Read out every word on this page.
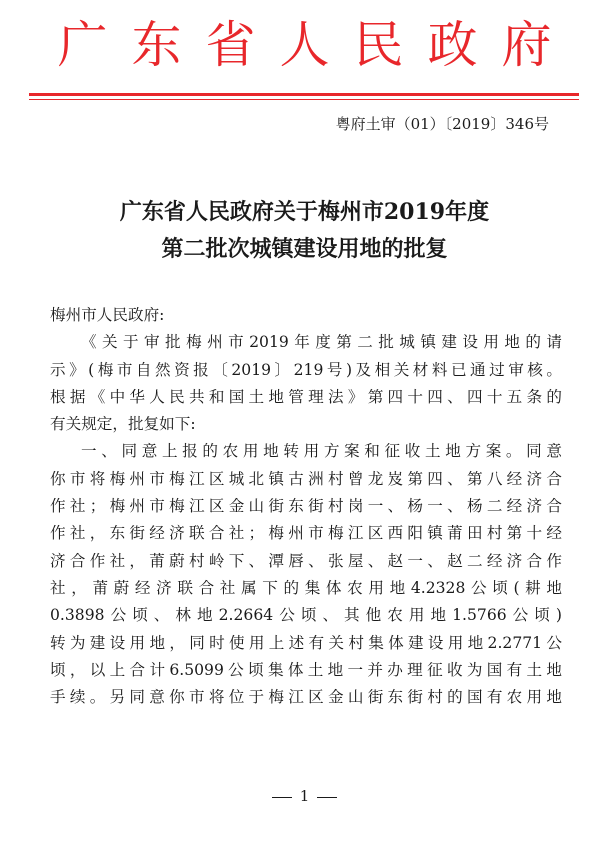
广东省人民政府
粤府土审（01）〔2019〕346号
广东省人民政府关于梅州市2019年度
第二批次城镇建设用地的批复
梅州市人民政府:
《关于审批梅州市2019年度第二批城镇建设用地的请
示》(梅市自然资报〔2019〕219号)及相关材料已通过审核。
根据《中华人民共和国土地管理法》第四十四、四十五条的
有关规定，批复如下:
一、同意上报的农用地转用方案和征收土地方案。同意
你市将梅州市梅江区城北镇古洲村曾龙岌第四、第八经济合
作社；梅州市梅江区金山街东街村岗一、杨一、杨二经济合
作社，东街经济联合社；梅州市梅江区西阳镇莆田村第十经
济合作社，莆蔚村岭下、潭唇、张屋、赵一、赵二经济合作
社，莆蔚经济联合社属下的集体农用地4.2328公顷(耕地
0.3898公顷、林地2.2664公顷、其他农用地1.5766公顷)
转为建设用地，同时使用上述有关村集体建设用地2.2771公
顷，以上合计6.5099公顷集体土地一并办理征收为国有土地
手续。另同意你市将位于梅江区金山街东街村的国有农用地
1
